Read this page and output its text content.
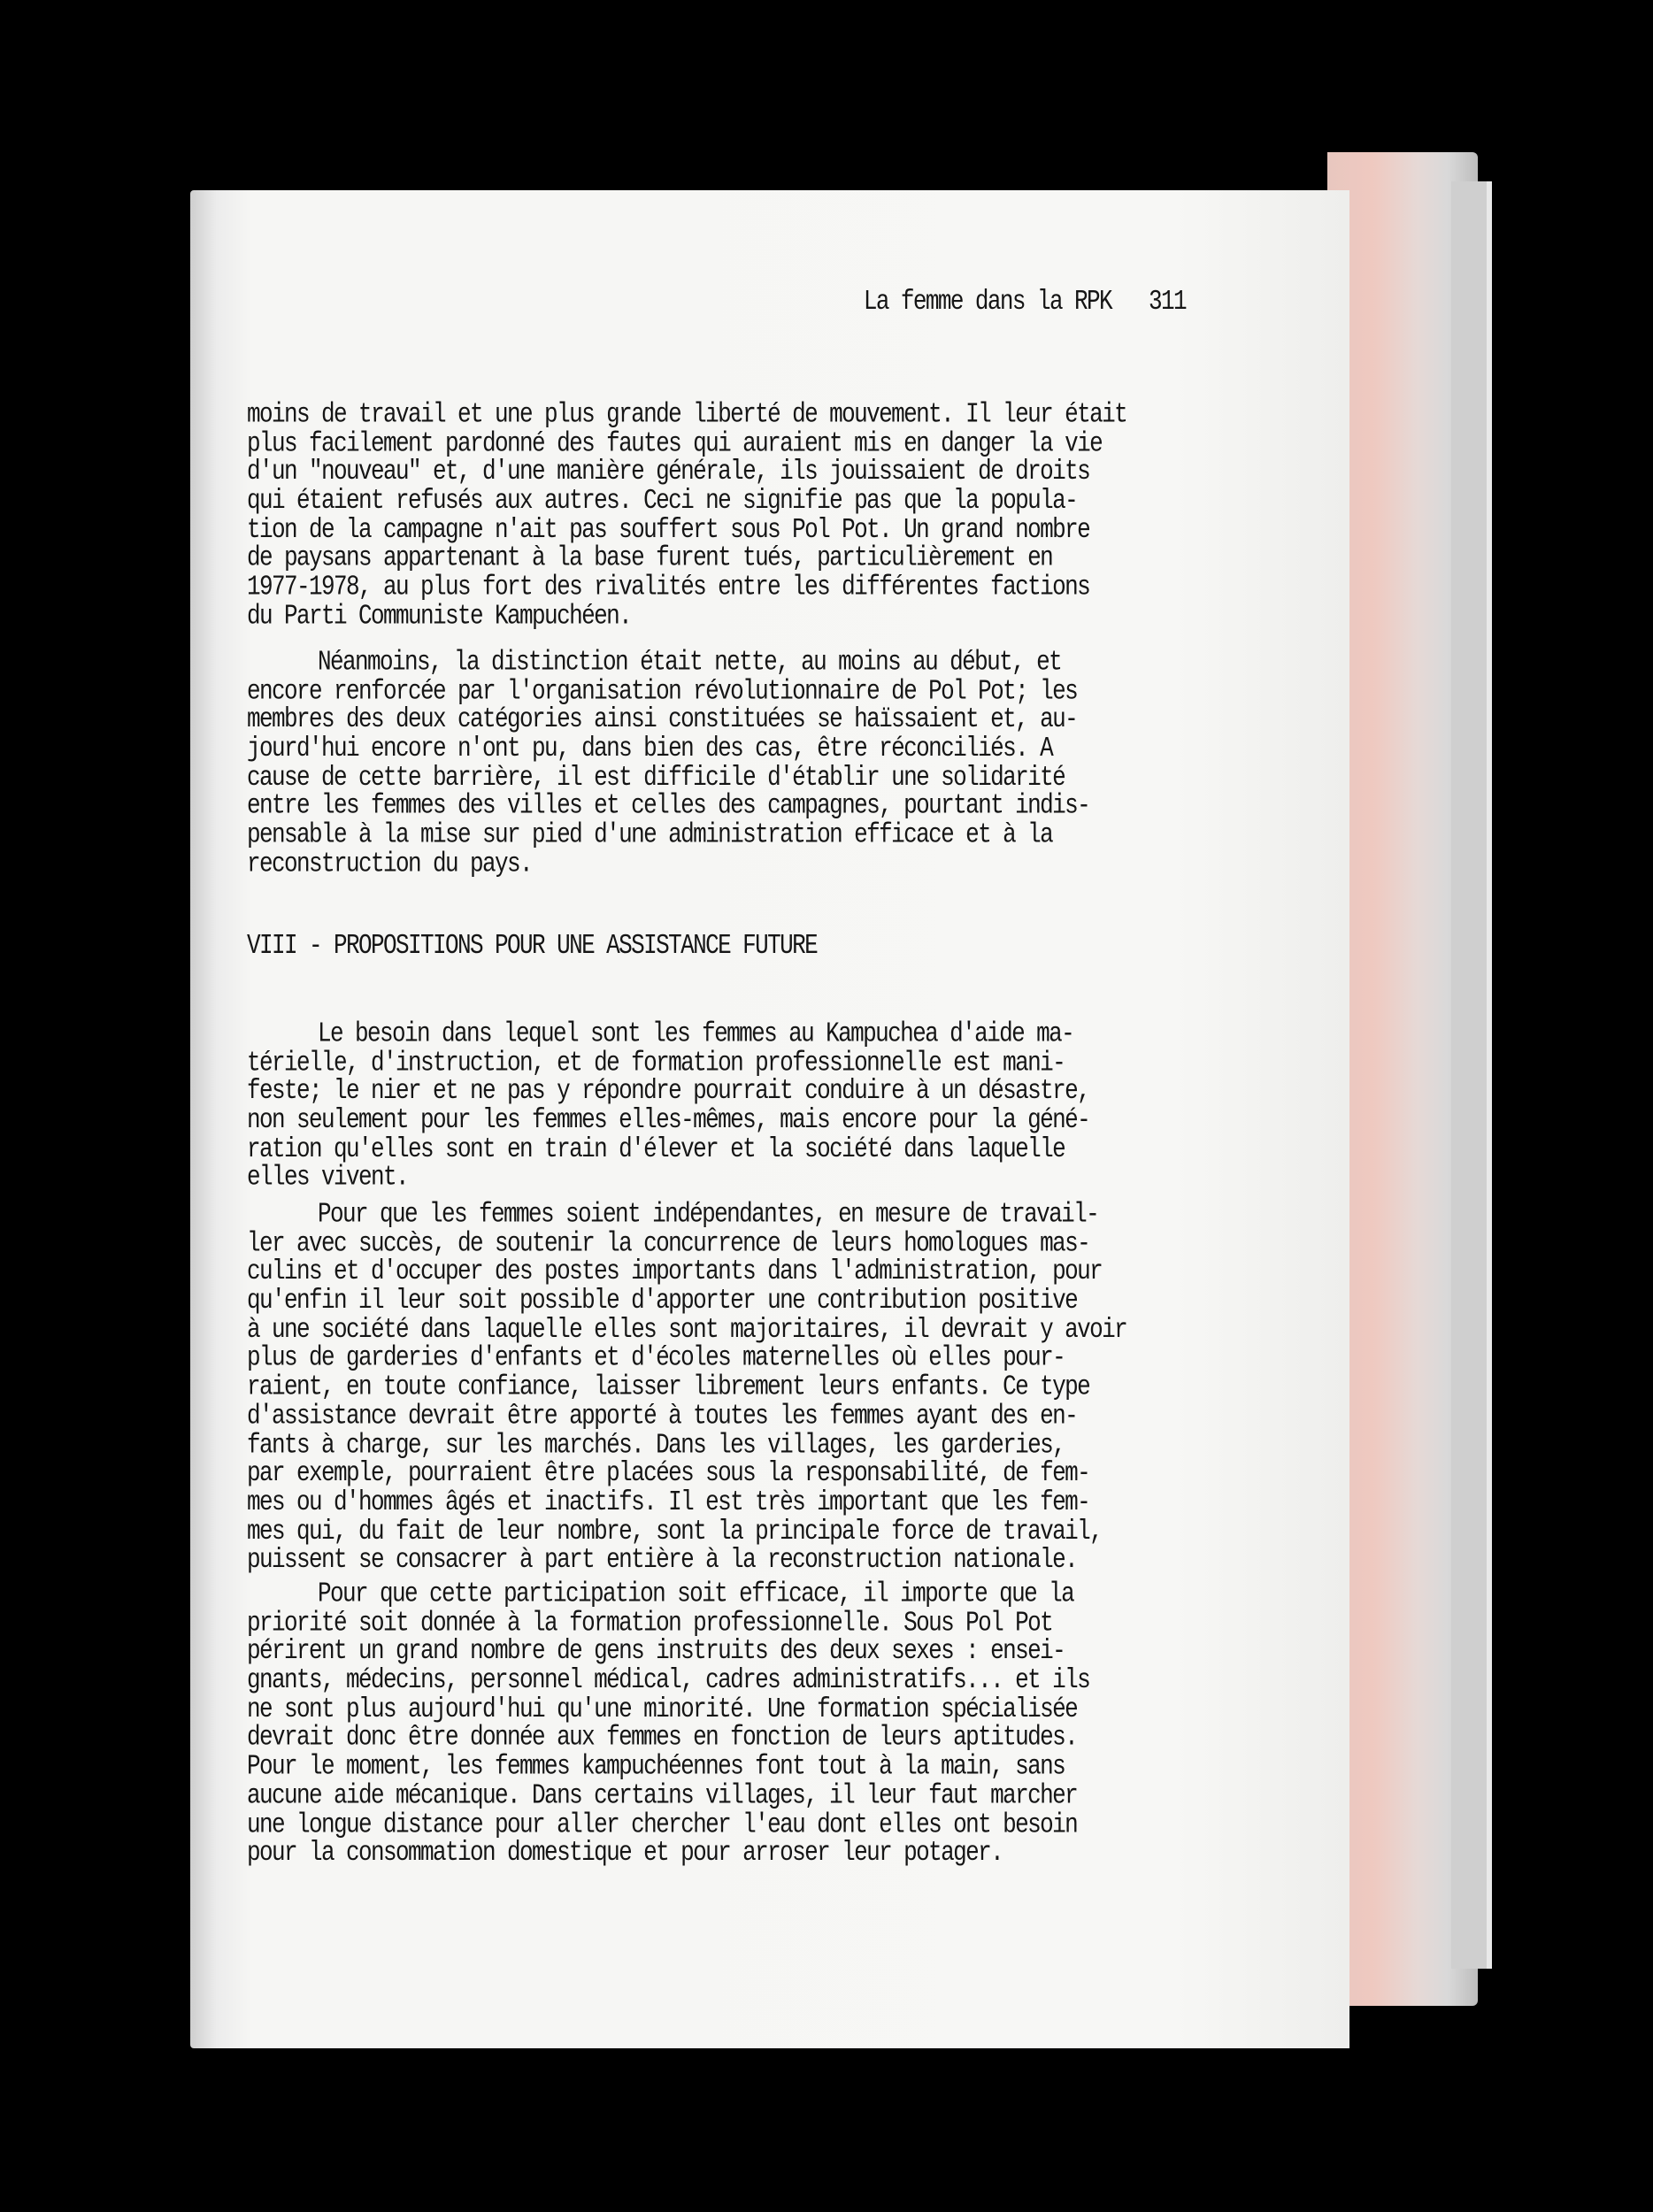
La femme dans la RPK 311
moins de travail et une plus grande liberté de mouvement. Il leur était
plus facilement pardonné des fautes qui auraient mis en danger la vie
d'un "nouveau" et, d'une manière générale, ils jouissaient de droits
qui étaient refusés aux autres. Ceci ne signifie pas que la popula-
tion de la campagne n'ait pas souffert sous Pol Pot. Un grand nombre
de paysans appartenant à la base furent tués, particulièrement en
1977-1978, au plus fort des rivalités entre les différentes factions
du Parti Communiste Kampuchéen.
Néanmoins, la distinction était nette, au moins au début, et
encore renforcée par l'organisation révolutionnaire de Pol Pot; les
membres des deux catégories ainsi constituées se haïssaient et, au-
jourd'hui encore n'ont pu, dans bien des cas, être réconciliés. A
cause de cette barrière, il est difficile d'établir une solidarité
entre les femmes des villes et celles des campagnes, pourtant indis-
pensable à la mise sur pied d'une administration efficace et à la
reconstruction du pays.
VIII - PROPOSITIONS POUR UNE ASSISTANCE FUTURE
Le besoin dans lequel sont les femmes au Kampuchea d'aide ma-
térielle, d'instruction, et de formation professionnelle est mani-
feste; le nier et ne pas y répondre pourrait conduire à un désastre,
non seulement pour les femmes elles-mêmes, mais encore pour la géné-
ration qu'elles sont en train d'élever et la société dans laquelle
elles vivent.
Pour que les femmes soient indépendantes, en mesure de travail-
ler avec succès, de soutenir la concurrence de leurs homologues mas-
culins et d'occuper des postes importants dans l'administration, pour
qu'enfin il leur soit possible d'apporter une contribution positive
à une société dans laquelle elles sont majoritaires, il devrait y avoir
plus de garderies d'enfants et d'écoles maternelles où elles pour-
raient, en toute confiance, laisser librement leurs enfants. Ce type
d'assistance devrait être apporté à toutes les femmes ayant des en-
fants à charge, sur les marchés. Dans les villages, les garderies,
par exemple, pourraient être placées sous la responsabilité, de fem-
mes ou d'hommes âgés et inactifs. Il est très important que les fem-
mes qui, du fait de leur nombre, sont la principale force de travail,
puissent se consacrer à part entière à la reconstruction nationale.
Pour que cette participation soit efficace, il importe que la
priorité soit donnée à la formation professionnelle. Sous Pol Pot
périrent un grand nombre de gens instruits des deux sexes : ensei-
gnants, médecins, personnel médical, cadres administratifs... et ils
ne sont plus aujourd'hui qu'une minorité. Une formation spécialisée
devrait donc être donnée aux femmes en fonction de leurs aptitudes.
Pour le moment, les femmes kampuchéennes font tout à la main, sans
aucune aide mécanique. Dans certains villages, il leur faut marcher
une longue distance pour aller chercher l'eau dont elles ont besoin
pour la consommation domestique et pour arroser leur potager.
